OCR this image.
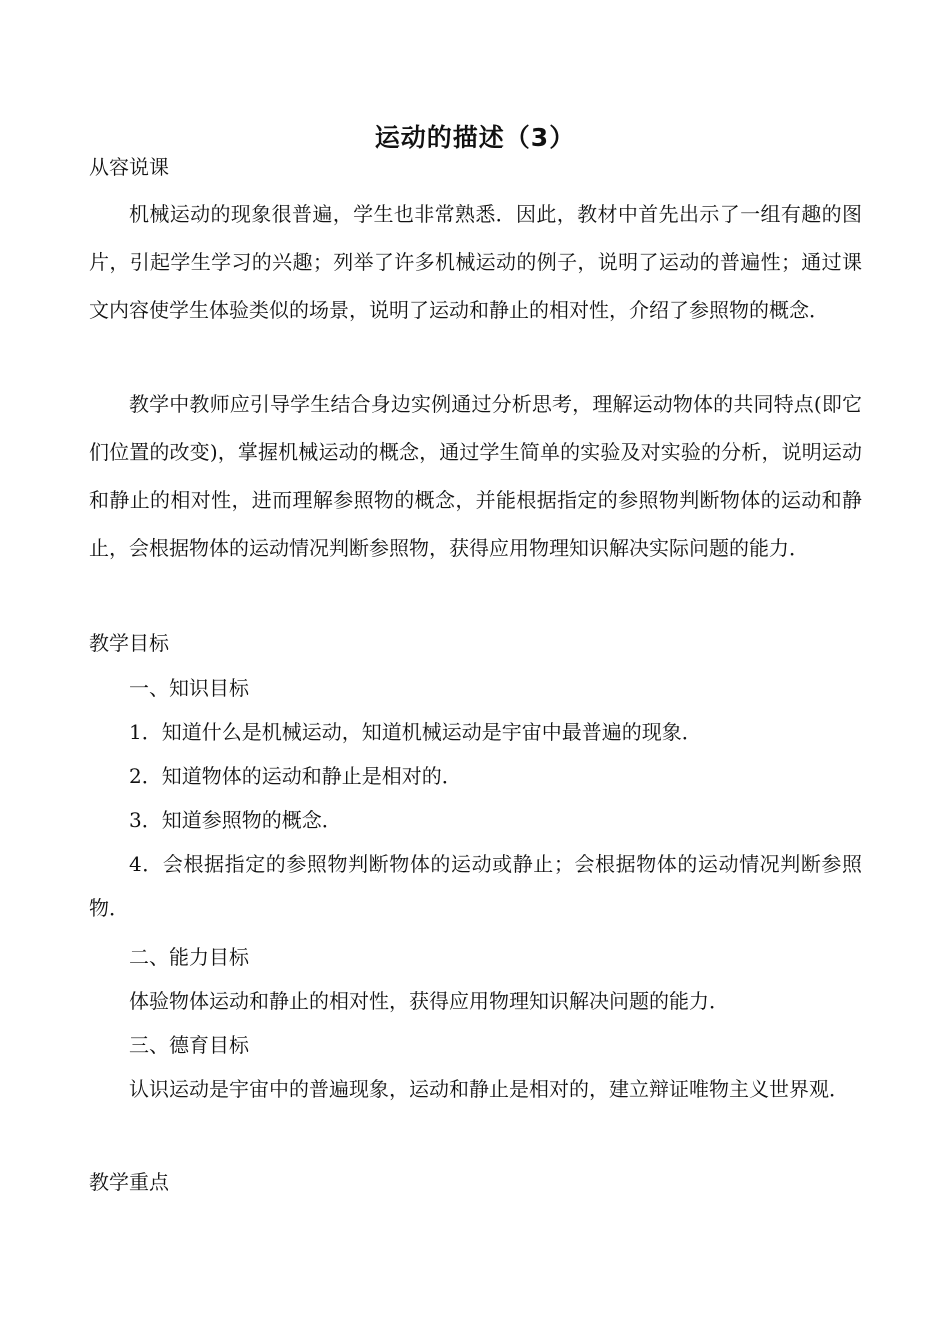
运动的描述（3）

从容说课

机械运动的现象很普遍，学生也非常熟悉．因此，教材中首先出示了一组有趣的图片，引起学生学习的兴趣；列举了许多机械运动的例子，说明了运动的普遍性；通过课文内容使学生体验类似的场景，说明了运动和静止的相对性，介绍了参照物的概念．

教学中教师应引导学生结合身边实例通过分析思考，理解运动物体的共同特点(即它们位置的改变)，掌握机械运动的概念，通过学生简单的实验及对实验的分析，说明运动和静止的相对性，进而理解参照物的概念，并能根据指定的参照物判断物体的运动和静止，会根据物体的运动情况判断参照物，获得应用物理知识解决实际问题的能力．

教学目标

一、知识目标

1．知道什么是机械运动，知道机械运动是宇宙中最普遍的现象．

2．知道物体的运动和静止是相对的．

3．知道参照物的概念．

4．会根据指定的参照物判断物体的运动或静止；会根据物体的运动情况判断参照物．

二、能力目标

体验物体运动和静止的相对性，获得应用物理知识解决问题的能力．

三、德育目标

认识运动是宇宙中的普遍现象，运动和静止是相对的，建立辩证唯物主义世界观．

教学重点
